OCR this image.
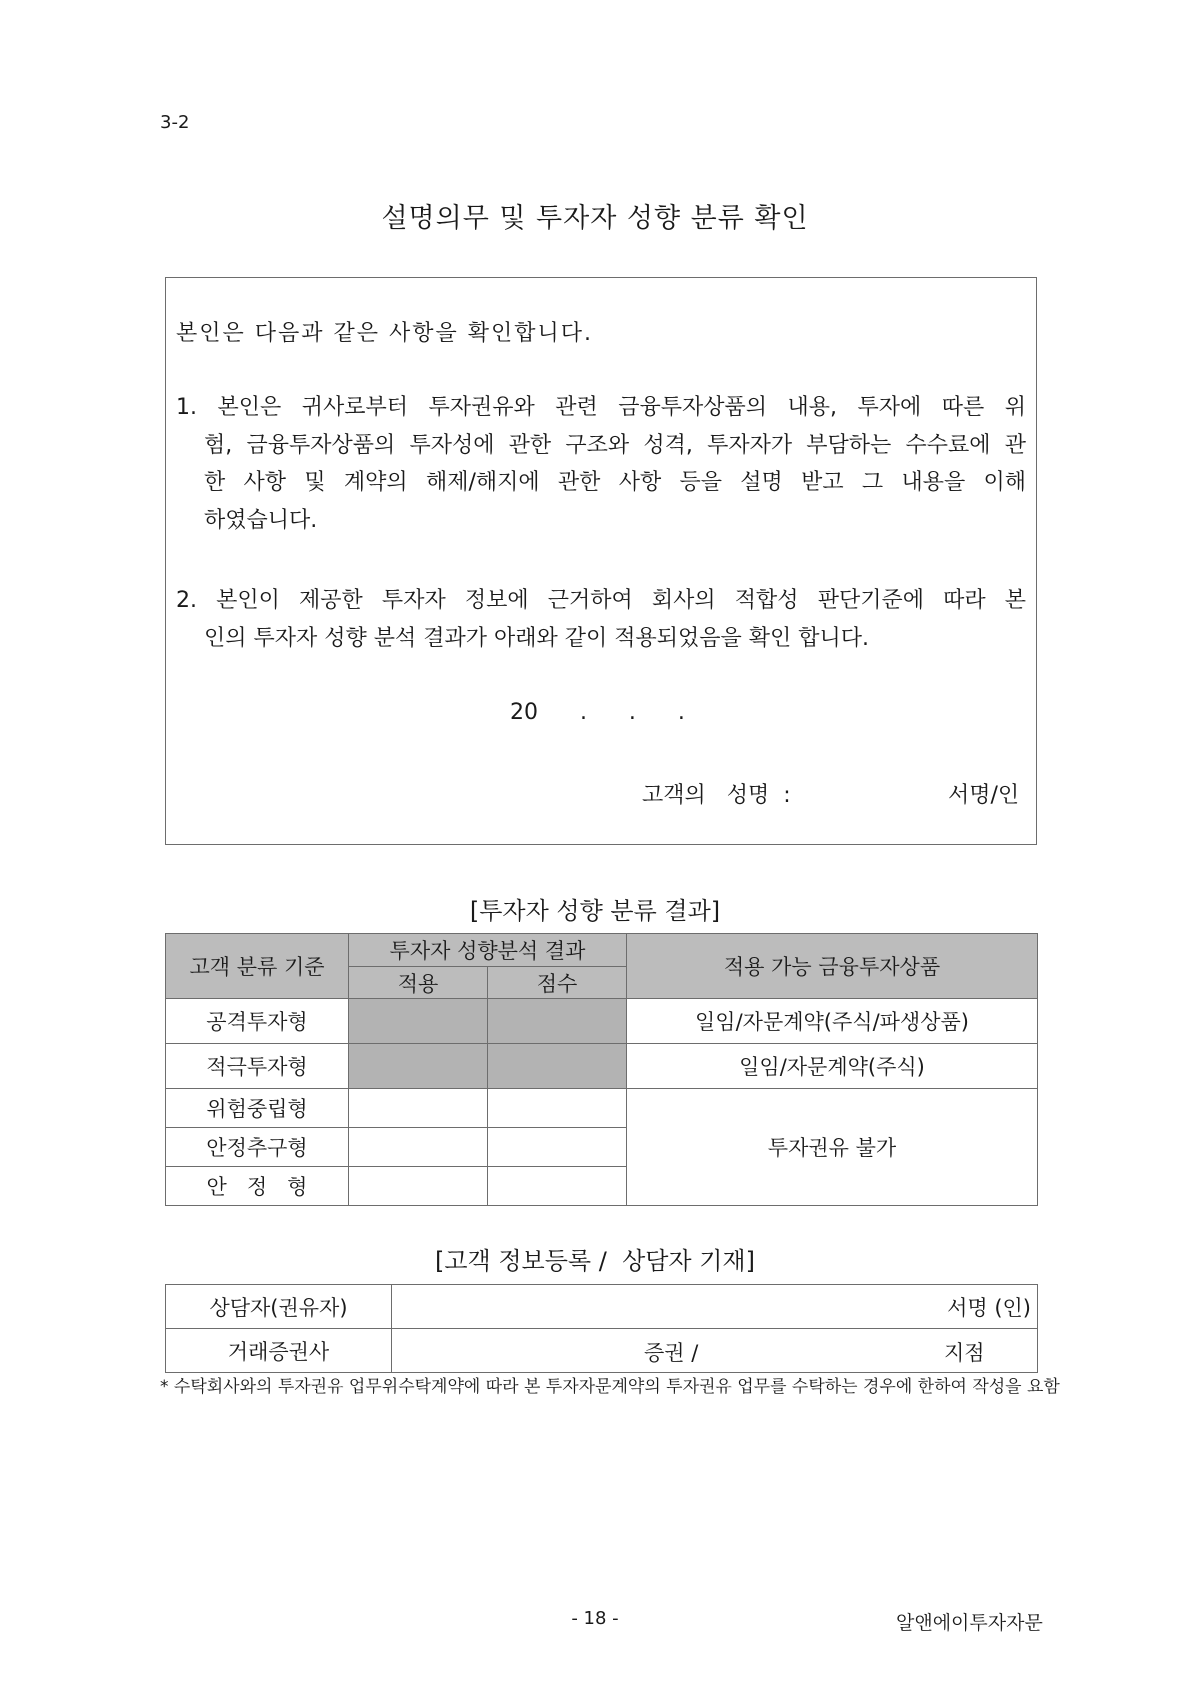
3-2
설명의무 및 투자자 성향 분류 확인
본인은 다음과 같은 사항을 확인합니다.
1. 본인은 귀사로부터 투자권유와 관련 금융투자상품의 내용, 투자에 따른 위
험, 금융투자상품의 투자성에 관한 구조와 성격, 투자자가 부담하는 수수료에 관
한 사항 및 계약의 해제/해지에 관한 사항 등을 설명 받고 그 내용을 이해
하였습니다.
2. 본인이 제공한 투자자 정보에 근거하여 회사의 적합성 판단기준에 따라 본
인의 투자자 성향 분석 결과가 아래와 같이 적용되었음을 확인 합니다.
20      .      .      .
고객의   성명  :	서명/인
[투자자 성향 분류 결과]
고객 분류 기준	투자자 성향분석 결과		적용 가능 금융투자상품
	적용	점수	
공격투자형			일임/자문계약(주식/파생상품)
적극투자형			일임/자문계약(주식)
위험중립형			투자권유 불가
안정추구형			
안   정   형			
[고객 정보등록 /  상담자 기재]
상담자(권유자)	서명 (인)
거래증권사	증권 / 지점
* 수탁회사와의 투자권유 업무위수탁계약에 따라 본 투자자문계약의 투자권유 업무를 수탁하는 경우에 한하여 작성을 요함
- 18 -	알앤에이투자자문
